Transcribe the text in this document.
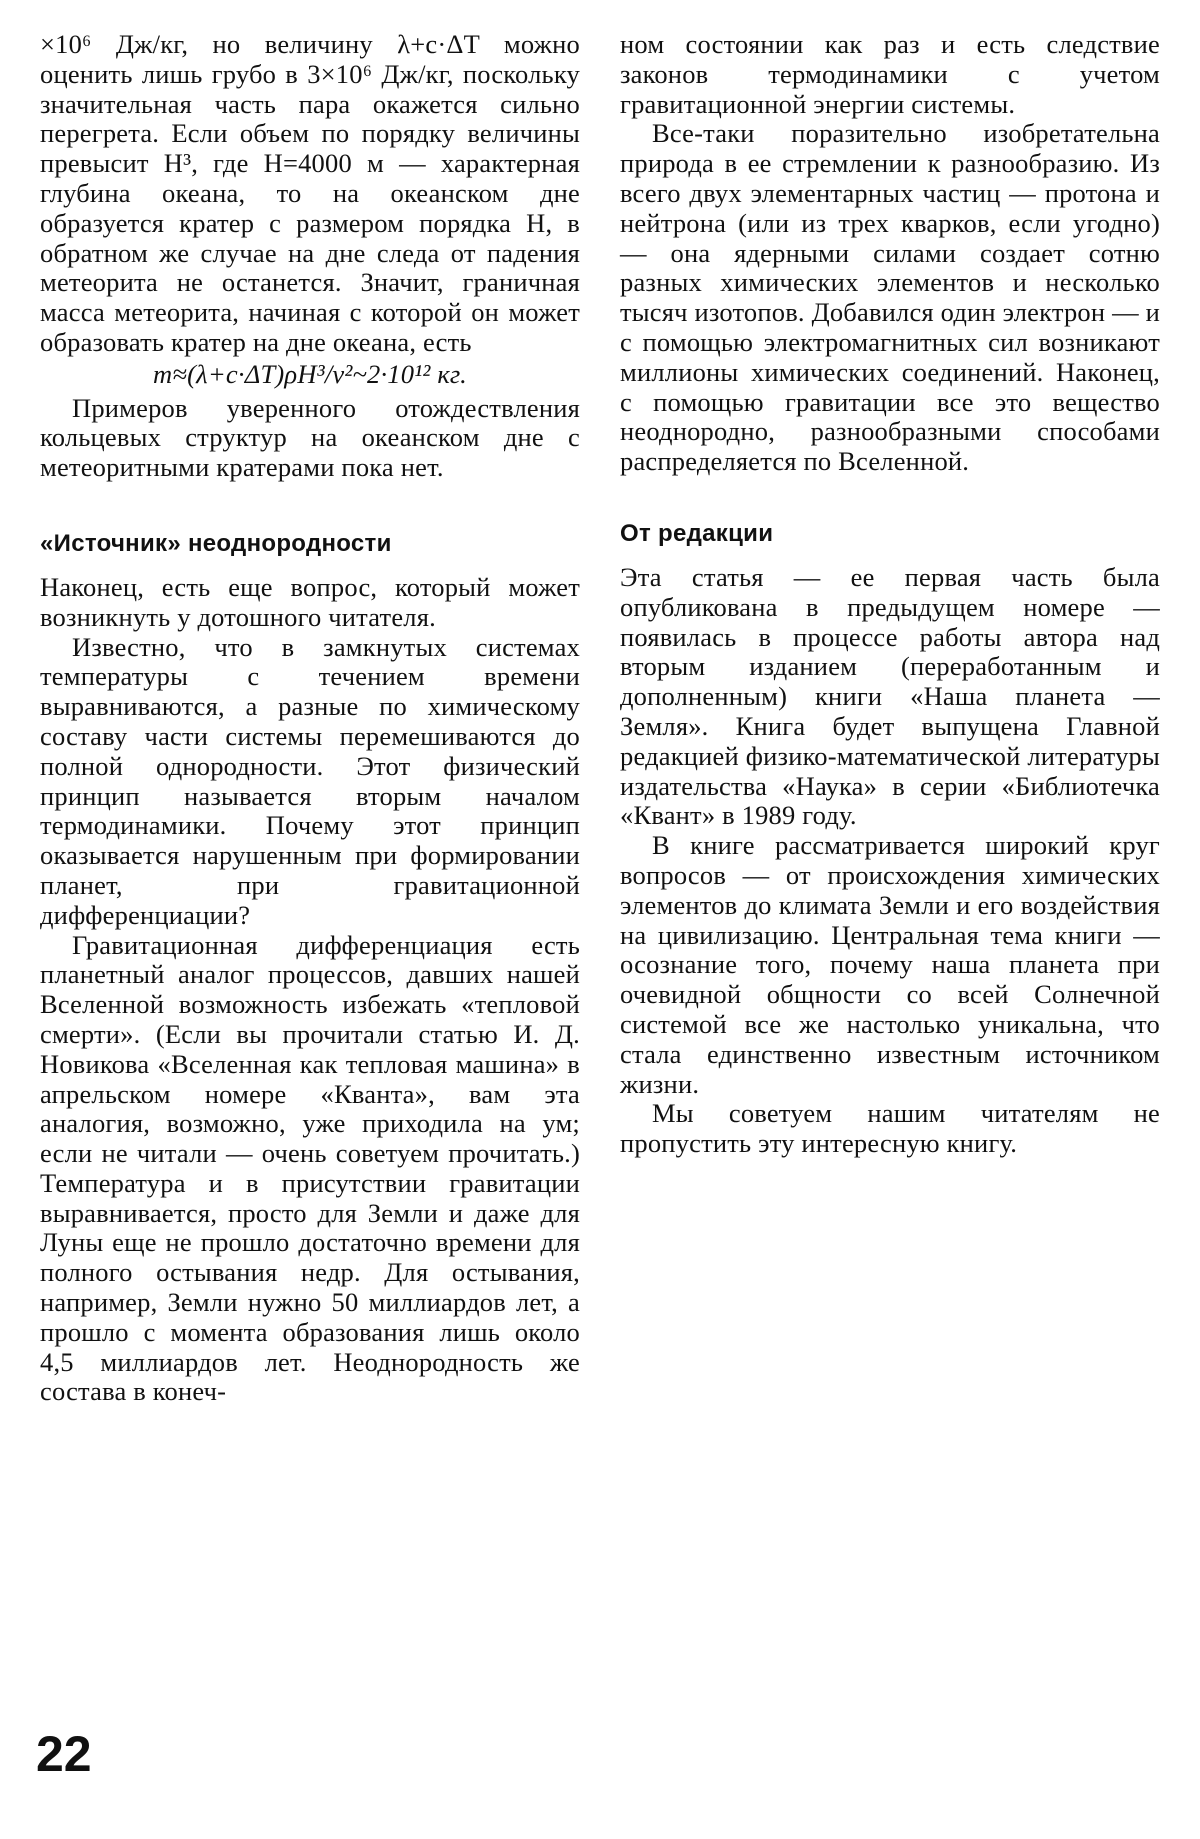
×10⁶ Дж/кг, но величину λ+c·ΔT можно оценить лишь грубо в 3×10⁶ Дж/кг, поскольку значительная часть пара окажется сильно перегрета. Если объем по порядку величины превысит H³, где H=4000 м — характерная глубина океана, то на океанском дне образуется кратер с размером порядка H, в обратном же случае на дне следа от падения метеорита не останется. Значит, граничная масса метеорита, начиная с которой он может образовать кратер на дне океана, есть

m≈(λ+c·ΔT)ρH³/v²~2·10¹² кг.

Примеров уверенного отождествления кольцевых структур на океанском дне с метеоритными кратерами пока нет.

«Источник» неоднородности

Наконец, есть еще вопрос, который может возникнуть у дотошного читателя.

Известно, что в замкнутых системах температуры с течением времени выравниваются, а разные по химическому составу части системы перемешиваются до полной однородности. Этот физический принцип называется вторым началом термодинамики. Почему этот принцип оказывается нарушенным при формировании планет, при гравитационной дифференциации?

Гравитационная дифференциация есть планетный аналог процессов, давших нашей Вселенной возможность избежать «тепловой смерти». (Если вы прочитали статью И. Д. Новикова «Вселенная как тепловая машина» в апрельском номере «Кванта», вам эта аналогия, возможно, уже приходила на ум; если не читали — очень советуем прочитать.) Температура и в присутствии гравитации выравнивается, просто для Земли и даже для Луны еще не прошло достаточно времени для полного остывания недр. Для остывания, например, Земли нужно 50 миллиардов лет, а прошло с момента образования лишь около 4,5 миллиардов лет. Неоднородность же состава в конеч-

ном состоянии как раз и есть следствие законов термодинамики с учетом гравитационной энергии системы.

Все-таки поразительно изобретательна природа в ее стремлении к разнообразию. Из всего двух элементарных частиц — протона и нейтрона (или из трех кварков, если угодно) — она ядерными силами создает сотню разных химических элементов и несколько тысяч изотопов. Добавился один электрон — и с помощью электромагнитных сил возникают миллионы химических соединений. Наконец, с помощью гравитации все это вещество неоднородно, разнообразными способами распределяется по Вселенной.

От редакции

Эта статья — ее первая часть была опубликована в предыдущем номере — появилась в процессе работы автора над вторым изданием (переработанным и дополненным) книги «Наша планета — Земля». Книга будет выпущена Главной редакцией физико-математической литературы издательства «Наука» в серии «Библиотечка «Квант» в 1989 году.

В книге рассматривается широкий круг вопросов — от происхождения химических элементов до климата Земли и его воздействия на цивилизацию. Центральная тема книги — осознание того, почему наша планета при очевидной общности со всей Солнечной системой все же настолько уникальна, что стала единственно известным источником жизни.

Мы советуем нашим читателям не пропустить эту интересную книгу.

22
